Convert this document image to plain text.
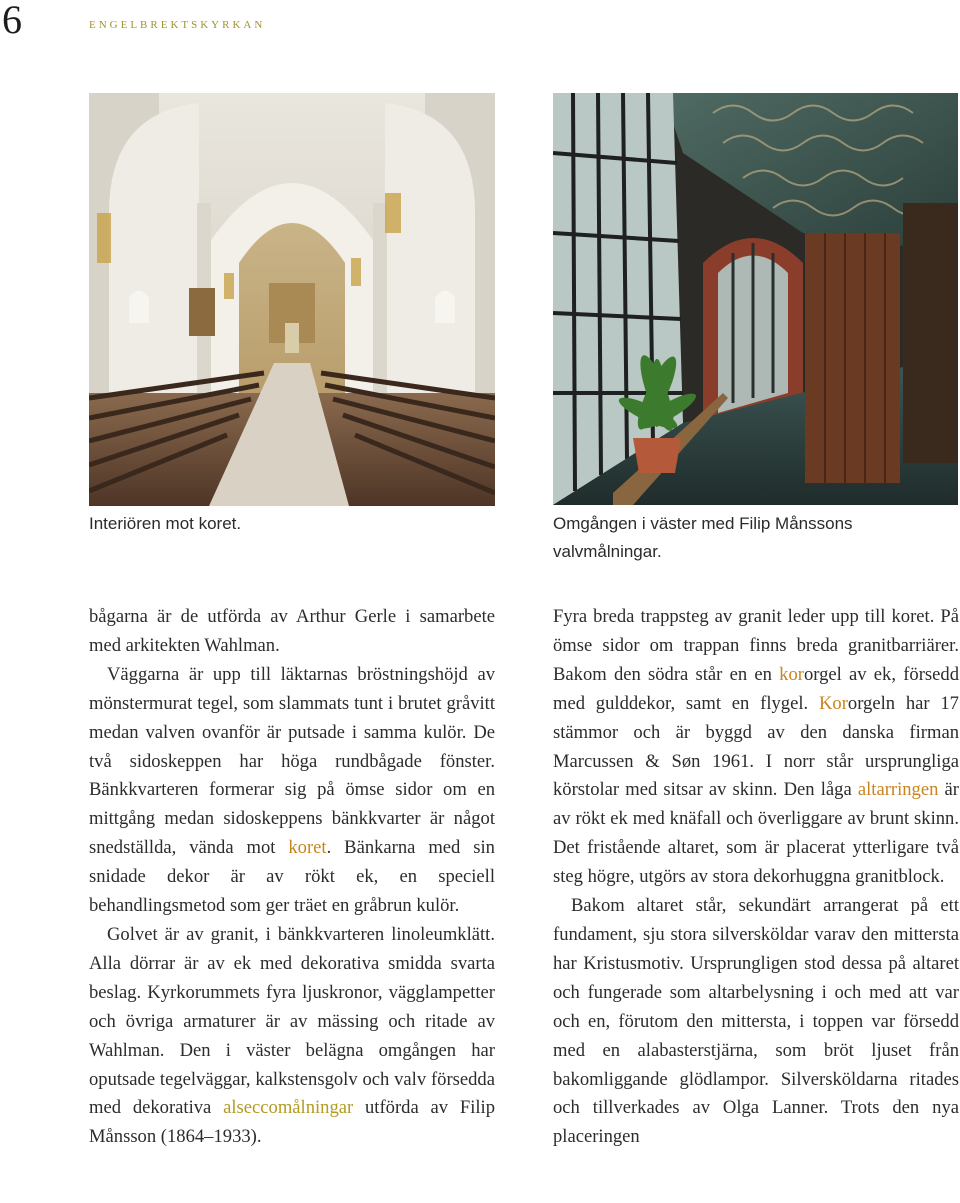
6	engelbrektskyrkan
Interiören mot koret.	Omgången i väster med Filip Månssons valvmålningar.

bågarna är de utförda av Arthur Gerle i samarbete med arkitekten Wahlman.

Väggarna är upp till läktarnas bröstningshöjd av mönstermurat tegel, som slammats tunt i brutet gråvitt medan valven ovanför är putsade i samma kulör. De två sidoskeppen har höga rundbågade fönster. Bänkkvarteren formerar sig på ömse sidor om en mittgång medan sidoskeppens bänkkvarter är något snedställda, vända mot koret. Bänkarna med sin snidade dekor är av rökt ek, en speciell behandlingsmetod som ger träet en gråbrun kulör.

Golvet är av granit, i bänkkvarteren linoleumklätt. Alla dörrar är av ek med dekorativa smidda svarta beslag. Kyrkorummets fyra ljuskronor, vägglampetter och övriga armaturer är av mässing och ritade av Wahlman. Den i väster belägna omgången har oputsade tegelväggar, kalkstensgolv och valv försedda med dekorativa alseccomålningar utförda av Filip Månsson (1864–1933).

Fyra breda trappsteg av granit leder upp till koret. På ömse sidor om trappan finns breda granitbarriärer. Bakom den södra står en en kororgel av ek, försedd med gulddekor, samt en flygel. Kororgeln har 17 stämmor och är byggd av den danska firman Marcussen & Søn 1961. I norr står ursprungliga körstolar med sitsar av skinn. Den låga altarringen är av rökt ek med knäfall och överliggare av brunt skinn. Det fristående altaret, som är placerat ytterligare två steg högre, utgörs av stora dekorhuggna granitblock.

Bakom altaret står, sekundärt arrangerat på ett fundament, sju stora silversköldar varav den mittersta har Kristusmotiv. Ursprungligen stod dessa på altaret och fungerade som altarbelysning i och med att var och en, förutom den mittersta, i toppen var försedd med en alabasterstjärna, som bröt ljuset från bakomliggande glödlampor. Silversköldarna ritades och tillverkades av Olga Lanner. Trots den nya placeringen
